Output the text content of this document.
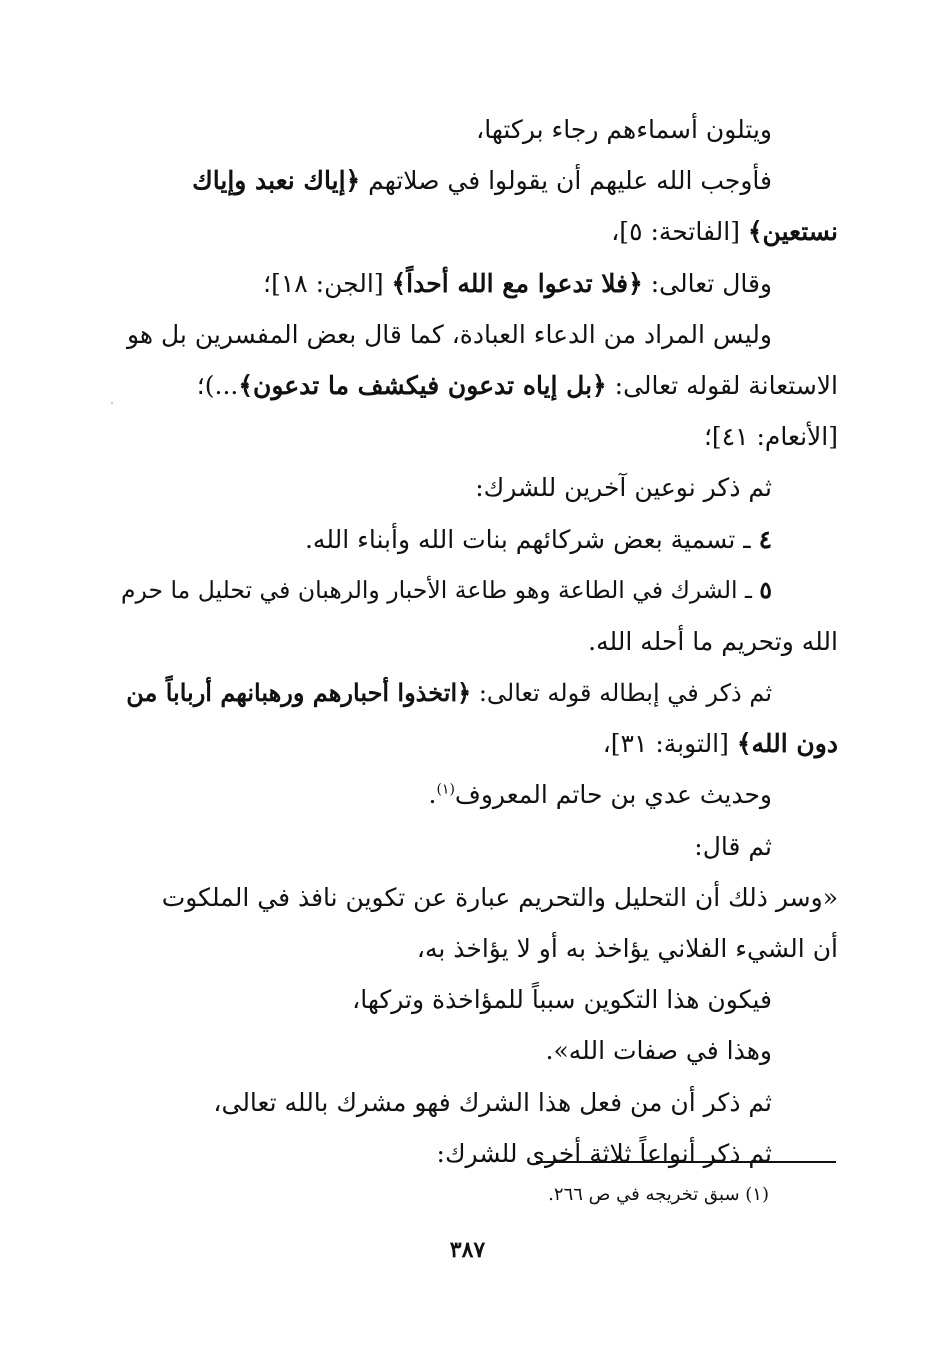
ويتلون أسماءهم رجاء بركتها،
فأوجب الله عليهم أن يقولوا في صلاتهم ﴿إياك نعبد وإياك
نستعين﴾ [الفاتحة: ٥]،
وقال تعالى: ﴿فلا تدعوا مع الله أحداً﴾ [الجن: ١٨]؛
وليس المراد من الدعاء العبادة، كما قال بعض المفسرين بل هو
الاستعانة لقوله تعالى: ﴿بل إياه تدعون فيكشف ما تدعون﴾...)؛
[الأنعام: ٤١]؛
ثم ذكر نوعين آخرين للشرك:
٤ ـ تسمية بعض شركائهم بنات الله وأبناء الله.
٥ ـ الشرك في الطاعة وهو طاعة الأحبار والرهبان في تحليل ما حرم
الله وتحريم ما أحله الله.
ثم ذكر في إبطاله قوله تعالى: ﴿اتخذوا أحبارهم ورهبانهم أرباباً من
دون الله﴾ [التوبة: ٣١]،
وحديث عدي بن حاتم المعروف$^{(١)}$.
ثم قال:
«وسر ذلك أن التحليل والتحريم عبارة عن تكوين نافذ في الملكوت
أن الشيء الفلاني يؤاخذ به أو لا يؤاخذ به،
فيكون هذا التكوين سبباً للمؤاخذة وتركها،
وهذا في صفات الله».
ثم ذكر أن من فعل هذا الشرك فهو مشرك بالله تعالى،
ثم ذكر أنواعاً ثلاثة أخرى للشرك:
(١) سبق تخريجه في ص ٢٦٦.
٣٨٧
